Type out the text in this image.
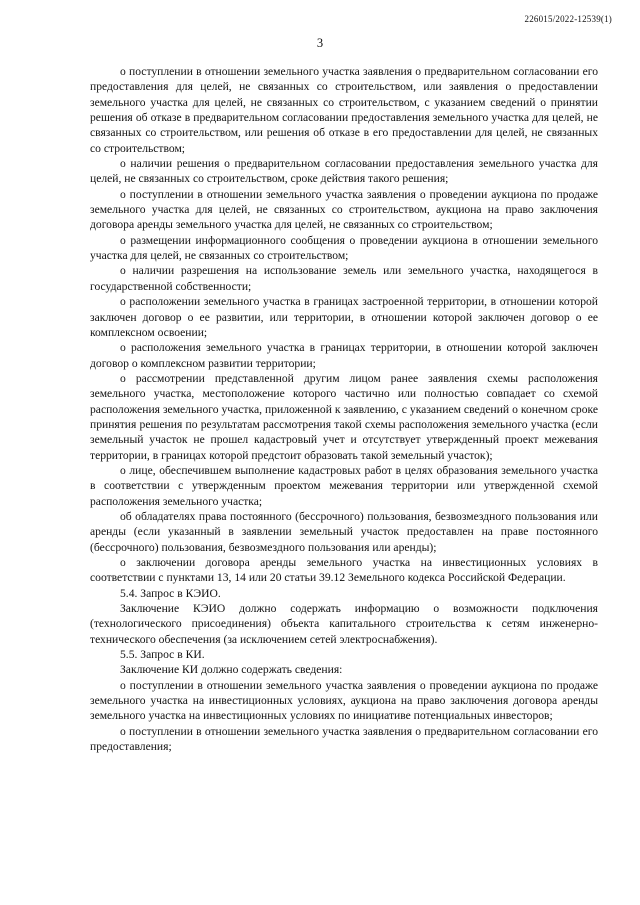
226015/2022-12539(1)
3

о поступлении в отношении земельного участка заявления о предварительном согласовании его предоставления для целей, не связанных со строительством, или заявления о предоставлении земельного участка для целей, не связанных со строительством, с указанием сведений о принятии решения об отказе в предварительном согласовании предоставления земельного участка для целей, не связанных со строительством, или решения об отказе в его предоставлении для целей, не связанных со строительством;

о наличии решения о предварительном согласовании предоставления земельного участка для целей, не связанных со строительством, сроке действия такого решения;

о поступлении в отношении земельного участка заявления о проведении аукциона по продаже земельного участка для целей, не связанных со строительством, аукциона на право заключения договора аренды земельного участка для целей, не связанных со строительством;

о размещении информационного сообщения о проведении аукциона в отношении земельного участка для целей, не связанных со строительством;

о наличии разрешения на использование земель или земельного участка, находящегося в государственной собственности;

о расположении земельного участка в границах застроенной территории, в отношении которой заключен договор о ее развитии, или территории, в отношении которой заключен договор о ее комплексном освоении;

о расположения земельного участка в границах территории, в отношении которой заключен договор о комплексном развитии территории;

о рассмотрении представленной другим лицом ранее заявления схемы расположения земельного участка, местоположение которого частично или полностью совпадает со схемой расположения земельного участка, приложенной к заявлению, с указанием сведений о конечном сроке принятия решения по результатам рассмотрения такой схемы расположения земельного участка (если земельный участок не прошел кадастровый учет и отсутствует утвержденный проект межевания территории, в границах которой предстоит образовать такой земельный участок);

о лице, обеспечившем выполнение кадастровых работ в целях образования земельного участка в соответствии с утвержденным проектом межевания территории или утвержденной схемой расположения земельного участка;

об обладателях права постоянного (бессрочного) пользования, безвозмездного пользования или аренды (если указанный в заявлении земельный участок предоставлен на праве постоянного (бессрочного) пользования, безвозмездного пользования или аренды);

о заключении договора аренды земельного участка на инвестиционных условиях в соответствии с пунктами 13, 14 или 20 статьи 39.12 Земельного кодекса Российской Федерации.

5.4. Запрос в КЭИО.

Заключение КЭИО должно содержать информацию о возможности подключения (технологического присоединения) объекта капитального строительства к сетям инженерно-технического обеспечения (за исключением сетей электроснабжения).

5.5. Запрос в КИ.

Заключение КИ должно содержать сведения:

о поступлении в отношении земельного участка заявления о проведении аукциона по продаже земельного участка на инвестиционных условиях, аукциона на право заключения договора аренды земельного участка на инвестиционных условиях по инициативе потенциальных инвесторов;

о поступлении в отношении земельного участка заявления о предварительном согласовании его предоставления;
